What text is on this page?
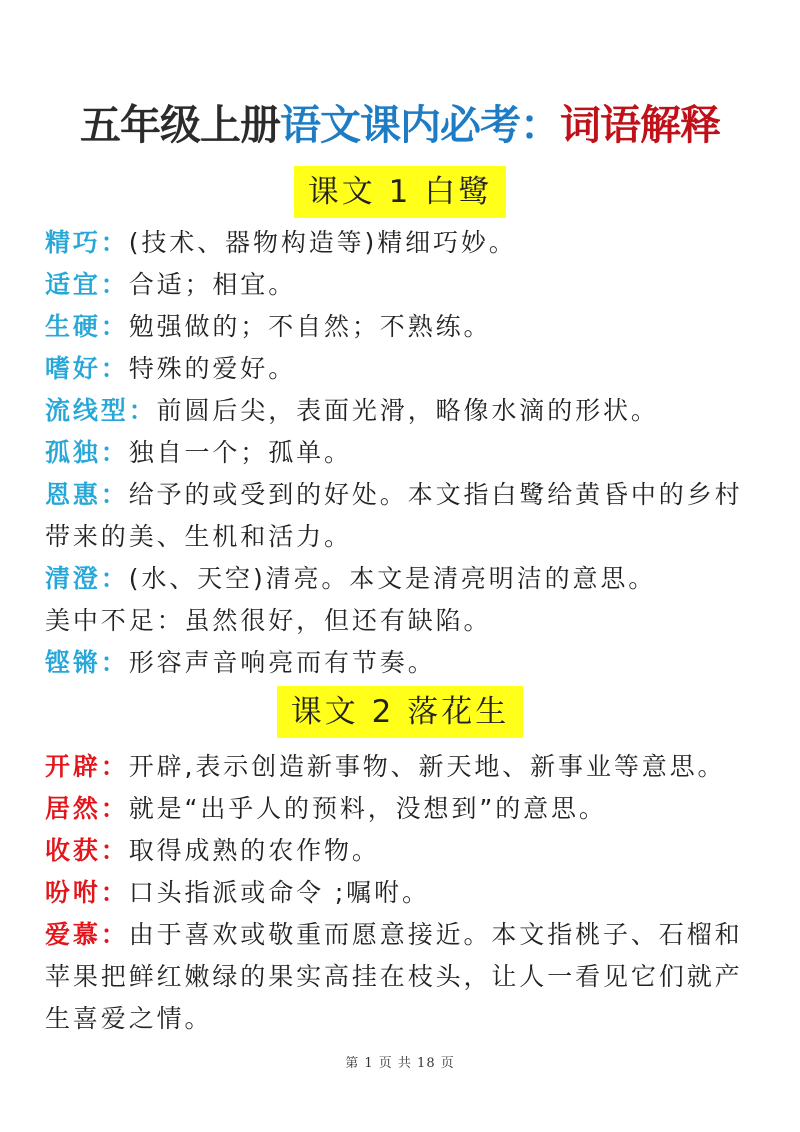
五年级上册语文课内必考：词语解释
课文 1 白鹭

精巧：(技术、器物构造等)精细巧妙。

适宜：合适；相宜。

生硬：勉强做的；不自然；不熟练。

嗜好：特殊的爱好。

流线型：前圆后尖，表面光滑，略像水滴的形状。

孤独：独自一个；孤单。

恩惠：给予的或受到的好处。本文指白鹭给黄昏中的乡村带来的美、生机和活力。

清澄：(水、天空)清亮。本文是清亮明洁的意思。

美中不足：虽然很好，但还有缺陷。

铿锵：形容声音响亮而有节奏。

课文 2 落花生

开辟：开辟,表示创造新事物、新天地、新事业等意思。

居然：就是“出乎人的预料，没想到”的意思。

收获：取得成熟的农作物。

吩咐：口头指派或命令 ;嘱咐。

爱慕：由于喜欢或敬重而愿意接近。本文指桃子、石榴和苹果把鲜红嫩绿的果实高挂在枝头，让人一看见它们就产生喜爱之情。

第 1 页 共 18 页
